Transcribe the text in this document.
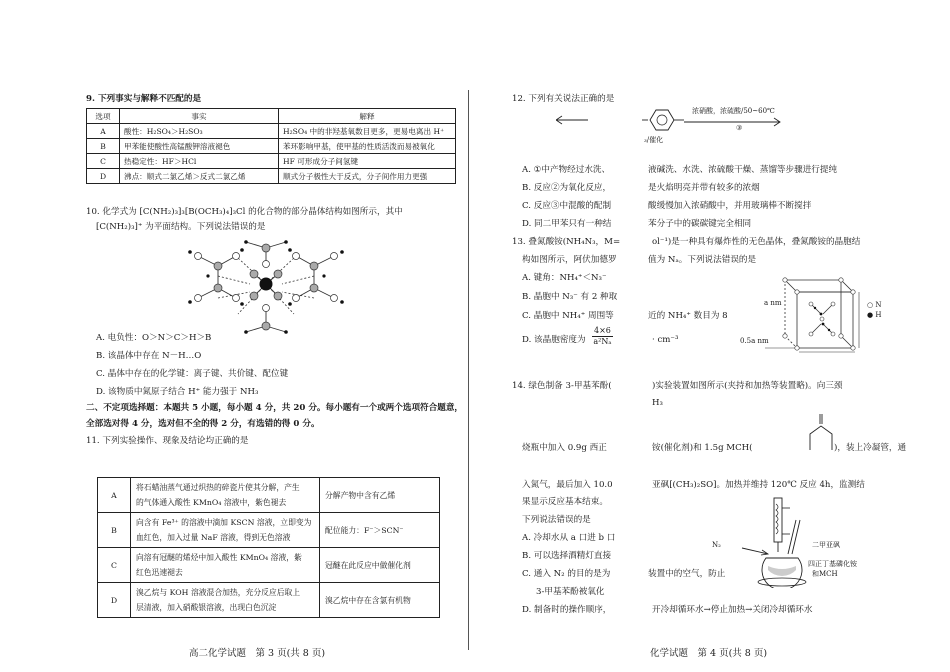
9. 下列事实与解释不匹配的是
选项	事实	解释
A	酸性：H₂SO₄＞H₂SO₃	H₂SO₄ 中的非羟基氧数目更多，更易电离出 H⁺
B	甲苯能使酸性高锰酸钾溶液褪色	苯环影响甲基，使甲基的性质活泼而易被氧化
C	热稳定性：HF＞HCl	HF 可形成分子间氢键
D	沸点：顺式二氯乙烯＞反式二氯乙烯	顺式分子极性大于反式，分子间作用力更强
10. 化学式为 [C(NH₂)₃]₃[B(OCH₃)₄]₃Cl 的化合物的部分晶体结构如图所示，其中
[C(NH₂)₃]⁺ 为平面结构。下列说法错误的是
A. 电负性：O＞N＞C＞H＞B
B. 该晶体中存在 N－H…O
C. 晶体中存在的化学键：离子键、共价键、配位键
D. 该物质中氮原子结合 H⁺ 能力强于 NH₃
二、不定项选择题：本题共 5 小题，每小题 4 分，共 20 分。每小题有一个或两个选项符合题意，
全部选对得 4 分，选对但不全的得 2 分，有选错的得 0 分。
11. 下列实验操作、现象及结论均正确的是
A	将石蜡油蒸气通过炽热的碎瓷片使其分解，产生
的气体通入酸性 KMnO₄ 溶液中，紫色褪去	分解产物中含有乙烯
B	向含有 Fe³⁺ 的溶液中滴加 KSCN 溶液，立即变为
血红色，加入过量 NaF 溶液，得到无色溶液	配位能力：F⁻＞SCN⁻
C	向溶有冠醚的烯烃中加入酸性 KMnO₄ 溶液，紫
红色迅速褪去	冠醚在此反应中做催化剂
D	溴乙烷与 KOH 溶液混合加热，充分反应后取上
层清液，加入硝酸银溶液，出现白色沉淀	溴乙烷中存在含氯有机物
高二化学试题　第 3 页(共 8 页)
12. 下列有关说法正确的是
浓硝酸，浓硫酸/50~60℃
③
₃/催化
A. ①中产物经过水洗、	液碱洗、水洗、浓硫酸干燥、蒸馏等步骤进行提纯
B. 反应②为氧化反应，	是火焰明亮并带有较多的浓烟
C. 反应③中混酸的配制	酸缓慢加入浓硝酸中，并用玻璃棒不断搅拌
D. 同二甲苯只有一种结	苯分子中的碳碳键完全相同
13. 叠氮酸铵(NH₄N₃，M=	ol⁻¹)是一种具有爆炸性的无色晶体，叠氮酸铵的晶胞结
构如图所示，阿伏加德罗	值为 Nₐ。下列说法错误的是
A. 键角：NH₄⁺＜N₃⁻
B. 晶胞中 N₃⁻ 有 2 种取
C. 晶胞中 NH₄⁺ 周围等	近的 NH₄⁺ 数目为 8
D. 该晶胞密度为 $\frac{4\times 6}{\text{a²Nₐ}}$	· cm⁻³
a nm
0.5a nm
○ N
● H
14. 绿色制备 3-甲基苯酚(	)实验装置如图所示(夹持和加热等装置略)。向三颈
H₃
烧瓶中加入 0.9g 西正	铵(催化剂)和 1.5g MCH(	)，装上冷凝管，通
入氮气，最后加入 10.0	亚砜[(CH₃)₂SO]。加热并维持 120℃ 反应 4h，监测结
果显示反应基本结束。
下列说法错误的是
A. 冷却水从 a 口进 b 口
B. 可以选择酒精灯直接
C. 通入 N₂ 的目的是为	装置中的空气，防止
3-甲基苯酚被氧化
D. 制备时的操作顺序，	开冷却循环水→停止加热→关闭冷却循环水
N₂	二甲亚砜
四正丁基磷化铵
和MCH
化学试题　第 4 页(共 8 页)
